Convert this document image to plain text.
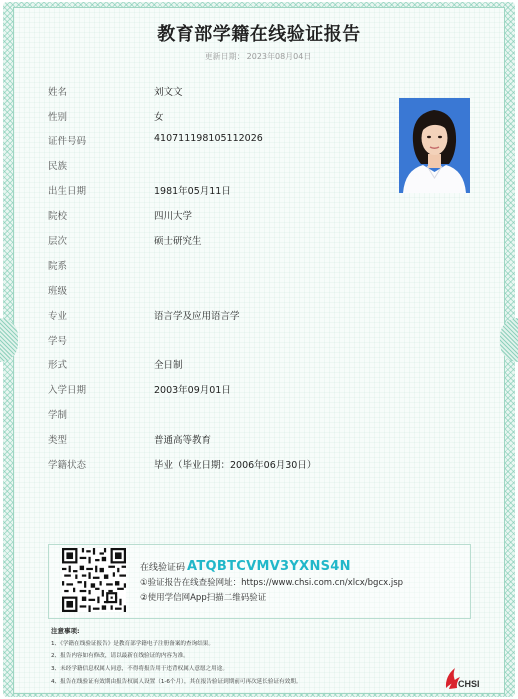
教育部学籍在线验证报告
更新日期： 2023年08月04日
姓名	刘文文
性别	女
证件号码	410711198105112026
民族
出生日期	1981年05月11日
院校	四川大学
层次	硕士研究生
院系
班级
专业	语言学及应用语言学
学号
形式	全日制
入学日期	2003年09月01日
学制
类型	普通高等教育
学籍状态	毕业（毕业日期：2006年06月30日）
在线验证码 ATQBTCVMV3YXNS4N
①验证报告在线查验网址：https://www.chsi.com.cn/xlcx/bgcx.jsp
②使用学信网App扫描二维码验证
注意事项:
1、《学籍在线验证报告》是教育部学籍电子注册备案的查询结果。
2、报告内容如有修改，请以最新在线验证的内容为准。
3、未经学籍信息权属人同意，不得将报告用于违背权属人意愿之用途。
4、报告在线验证有效期由报告权属人设置（1-6个月），其在报告验证到期前可再次延长验证有效期。	CHSI
